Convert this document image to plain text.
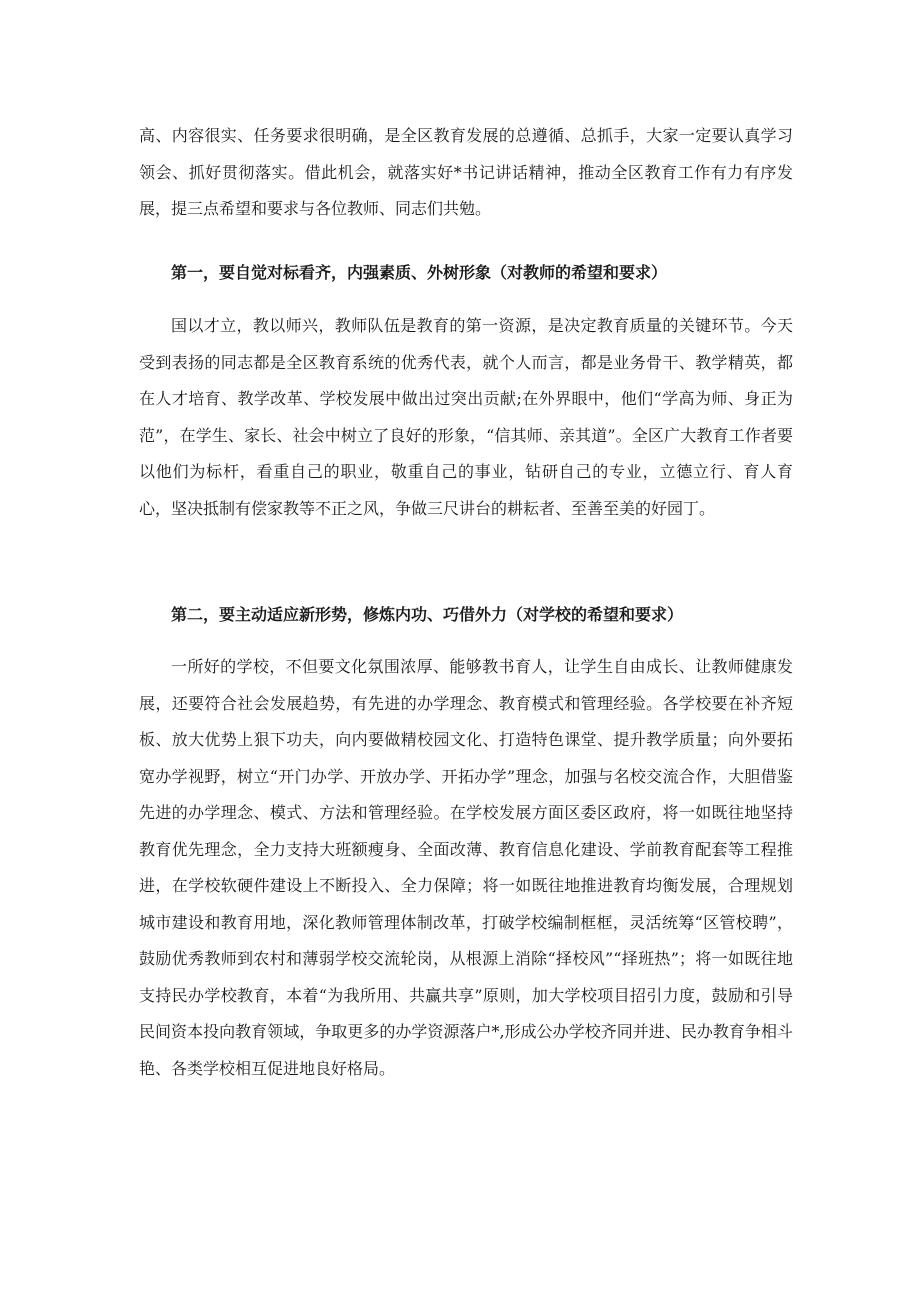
高、内容很实、任务要求很明确，是全区教育发展的总遵循、总抓手，大家一定要认真学习领会、抓好贯彻落实。借此机会，就落实好*书记讲话精神，推动全区教育工作有力有序发展，提三点希望和要求与各位教师、同志们共勉。

第一，要自觉对标看齐，内强素质、外树形象（对教师的希望和要求）

国以才立，教以师兴，教师队伍是教育的第一资源，是决定教育质量的关键环节。今天受到表扬的同志都是全区教育系统的优秀代表，就个人而言，都是业务骨干、教学精英，都在人才培育、教学改革、学校发展中做出过突出贡献;在外界眼中，他们“学高为师、身正为范”，在学生、家长、社会中树立了良好的形象，“信其师、亲其道”。全区广大教育工作者要以他们为标杆，看重自己的职业，敬重自己的事业，钻研自己的专业，立德立行、育人育心，坚决抵制有偿家教等不正之风，争做三尺讲台的耕耘者、至善至美的好园丁。

第二，要主动适应新形势，修炼内功、巧借外力（对学校的希望和要求）

一所好的学校，不但要文化氛围浓厚、能够教书育人，让学生自由成长、让教师健康发展，还要符合社会发展趋势，有先进的办学理念、教育模式和管理经验。各学校要在补齐短板、放大优势上狠下功夫，向内要做精校园文化、打造特色课堂、提升教学质量；向外要拓宽办学视野，树立“开门办学、开放办学、开拓办学”理念，加强与名校交流合作，大胆借鉴先进的办学理念、模式、方法和管理经验。在学校发展方面区委区政府，将一如既往地坚持教育优先理念，全力支持大班额瘦身、全面改薄、教育信息化建设、学前教育配套等工程推进，在学校软硬件建设上不断投入、全力保障；将一如既往地推进教育均衡发展，合理规划城市建设和教育用地，深化教师管理体制改革，打破学校编制框框，灵活统筹“区管校聘”，鼓励优秀教师到农村和薄弱学校交流轮岗，从根源上消除“择校风”“择班热”；将一如既往地支持民办学校教育，本着“为我所用、共赢共享”原则，加大学校项目招引力度，鼓励和引导民间资本投向教育领域，争取更多的办学资源落户*,形成公办学校齐同并进、民办教育争相斗艳、各类学校相互促进地良好格局。
